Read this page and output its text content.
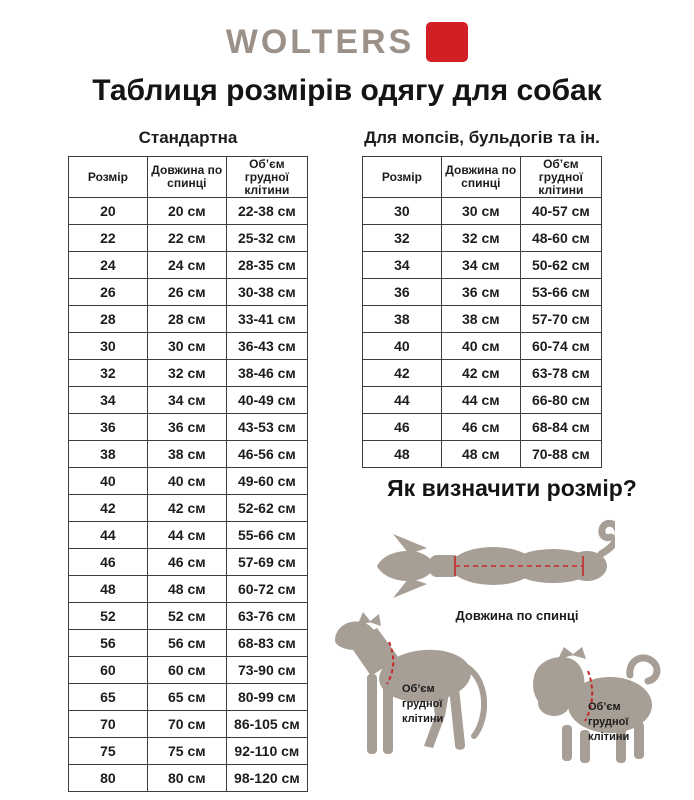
WOLTERS
Таблиця розмірів одягу для собак
Стандартна
Розмір	Довжина по спинці	Об’єм грудної клітини
20	20 см	22-38 см
22	22 см	25-32 см
24	24 см	28-35 см
26	26 см	30-38 см
28	28 см	33-41 см
30	30 см	36-43 см
32	32 см	38-46 см
34	34 см	40-49 см
36	36 см	43-53 см
38	38 см	46-56 см
40	40 см	49-60 см
42	42 см	52-62 см
44	44 см	55-66 см
46	46 см	57-69 см
48	48 см	60-72 см
52	52 см	63-76 см
56	56 см	68-83 см
60	60 см	73-90 см
65	65 см	80-99 см
70	70 см	86-105 см
75	75 см	92-110 см
80	80 см	98-120 см
Для мопсів, бульдогів та ін.
Розмір	Довжина по спинці	Об’єм грудної клітини
30	30 см	40-57 см
32	32 см	48-60 см
34	34 см	50-62 см
36	36 см	53-66 см
38	38 см	57-70 см
40	40 см	60-74 см
42	42 см	63-78 см
44	44 см	66-80 см
46	46 см	68-84 см
48	48 см	70-88 см
Як визначити розмір?
Довжина по спинці
Об’єм
грудної
клітини
Об’єм
грудної
клітини
